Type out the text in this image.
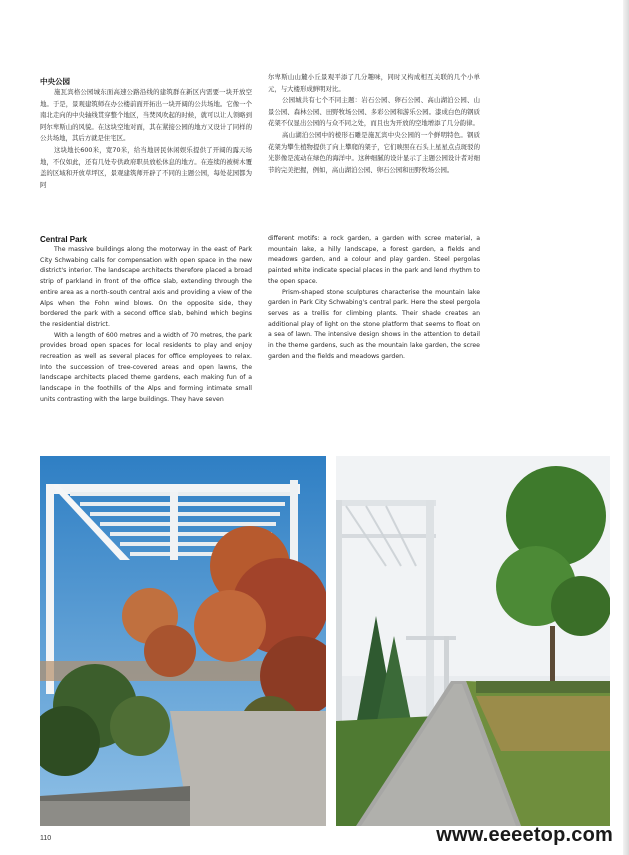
中央公园

施瓦宾格公园城东面高速公路沿线的建筑群在新区内需要一块开放空地。于是，景观建筑师在办公楼前面开拓出一块开阔的公共场地。它像一个南北走向的中央轴线贯穿整个地区，当焚风吹起的时候，就可以让人领略到阿尔卑斯山的风貌。在这块空地对面，其在紧接公园的地方又设计了同样的公共场地，其后方就是住宅区。

这块地长600米，宽70米，给当地居民休闲娱乐提供了开阔的露天场地，不仅如此，还有几处专供政府职员放松休息的地方。在连续的被树木覆盖的区域和开放草坪区，景观建筑师开辟了不同的主题公园，每处花园都为阿

尔卑斯山山麓小丘景观平添了几分趣味，同时又构成相互关联的几个小单元，与大楼形成鲜明对比。

公园城共有七个不同主题：岩石公园、卵石公园、高山湖泊公园、山景公园、森林公园、田野牧场公园、多彩公园和游乐公园。漆成白色的钢质花架不仅显出公园的与众不同之处，而且也为开放的空地增添了几分韵律。

高山湖泊公园中的棱形石雕是施瓦宾中央公园的一个鲜明特色。钢质花架为攀生植物提供了向上攀爬的架子，它们映照在石头上星星点点斑驳的光影像是流动在绿色的海洋中。这种细腻的设计显示了主题公园设计者对细节的完美把握，例如，高山湖泊公园、卵石公园和田野牧场公园。

Central Park

The massive buildings along the motorway in the east of Park City Schwabing calls for compensation with open space in the new district's interior. The landscape architects therefore placed a broad strip of parkland in front of the office slab, extending through the entire area as a north-south central axis and providing a view of the Alps when the Fohn wind blows. On the opposite side, they bordered the park with a second office slab, behind which begins the residential district.

With a length of 600 metres and a width of 70 metres, the park provides broad open spaces for local residents to play and enjoy recreation as well as several places for office employees to relax. Into the succession of tree-covered areas and open lawns, the landscape architects placed theme gardens, each making fun of a landscape in the foothills of the Alps and forming intimate small units contrasting with the large buildings. They have seven

different motifs: a rock garden, a garden with scree material, a mountain lake, a hilly landscape, a forest garden, a fields and meadows garden, and a colour and play garden. Steel pergolas painted white indicate special places in the park and lend rhythm to the open space.

Prism-shaped stone sculptures characterise the mountain lake garden in Park City Schwabing's central park. Here the steel pergola serves as a trellis for climbing plants. Their shade creates an additional play of light on the stone platform that seems to float on a sea of lawn. The intensive design shows in the attention to detail in the theme gardens, such as the mountain lake garden, the scree garden and the fields and meadows garden.

110	www.eeeetop.com
